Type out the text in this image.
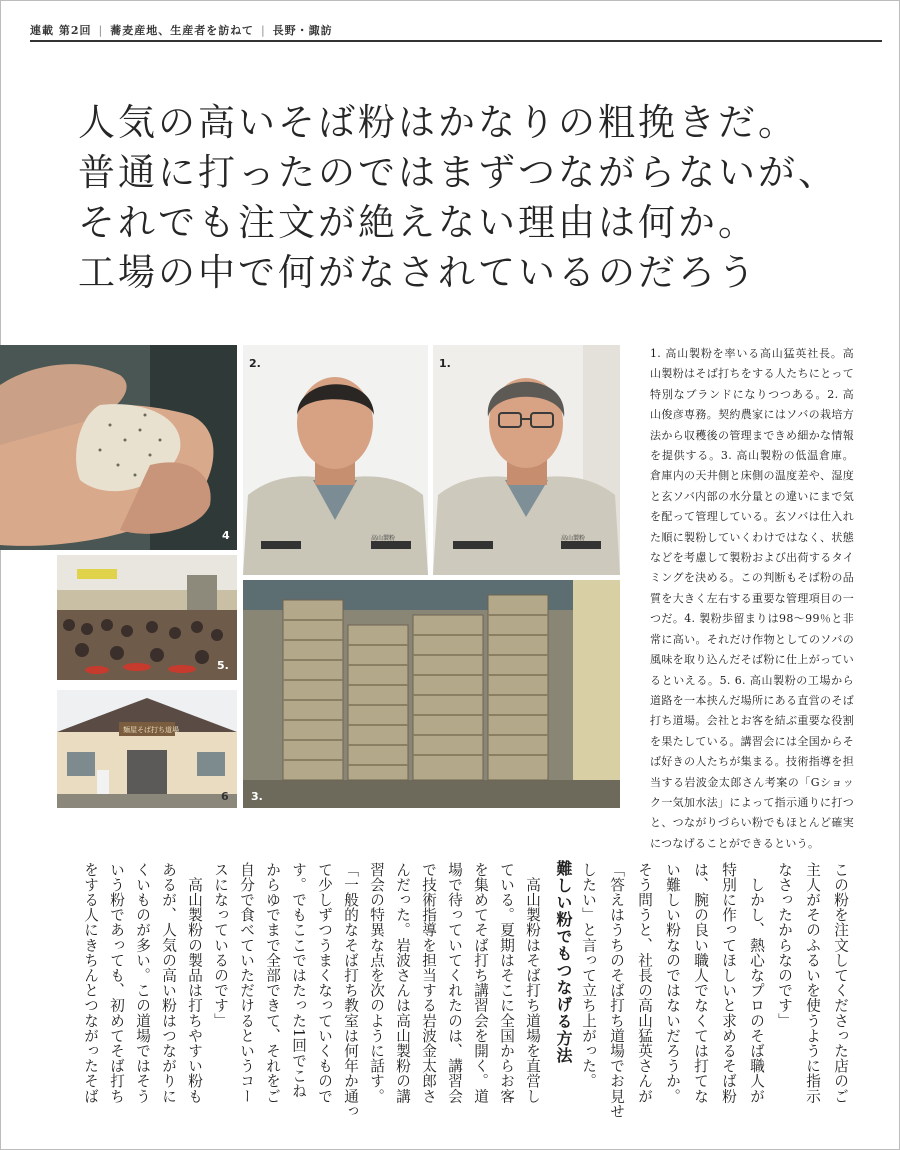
連載 第2回 | 蕎麦産地、生産者を訪ねて | 長野・諏訪
人気の高いそば粉はかなりの粗挽きだ。
普通に打ったのではまずつながらないが、
それでも注文が絶えない理由は何か。
工場の中で何がなされているのだろう
4
2.
高山製粉
1.
高山製粉
5.
麺屋そば打ち道場
6 3.
1. 高山製粉を率いる高山猛英社長。高山製粉はそば打ちをする人たちにとって特別なブランドになりつつある。2. 高山俊彦専務。契約農家にはソバの栽培方法から収穫後の管理まできめ細かな情報を提供する。3. 高山製粉の低温倉庫。倉庫内の天井側と床側の温度差や、湿度と玄ソバ内部の水分量との違いにまで気を配って管理している。玄ソバは仕入れた順に製粉していくわけではなく、状態などを考慮して製粉および出荷するタイミングを決める。この判断もそば粉の品質を大きく左右する重要な管理項目の一つだ。4. 製粉歩留まりは98〜99％と非常に高い。それだけ作物としてのソバの風味を取り込んだそば粉に仕上がっているといえる。5. 6. 高山製粉の工場から道路を一本挟んだ場所にある直営のそば打ち道場。会社とお客を結ぶ重要な役割を果たしている。講習会には全国からそば好きの人たちが集まる。技術指導を担当する岩波金太郎さん考案の「Gショック一気加水法」によって指示通りに打つと、つながりづらい粉でもほとんど確実につなげることができるという。
この粉を注文してくださった店のご
主人がそのふるいを使うように指示
なさったからなのです」
　しかし、熱心なプロのそば職人が
特別に作ってほしいと求めるそば粉
は、腕の良い職人でなくては打てな
い難しい粉なのではないだろうか。
そう問うと、社長の高山猛英さんが
「答えはうちのそば打ち道場でお見せ
したい」と言って立ち上がった。
難しい粉でもつなげる方法
　高山製粉はそば打ち道場を直営し
ている。夏期はそこに全国からお客
を集めてそば打ち講習会を開く。道
場で待っていてくれたのは、講習会
で技術指導を担当する岩波金太郎さ
んだった。岩波さんは高山製粉の講
習会の特異な点を次のように話す。
「一般的なそば打ち教室は何年か通っ
て少しずつうまくなっていくもので
す。でもここではたった1回でこね
からゆでまで全部できて、それをご
自分で食べていただけるというコー
スになっているのです」
　高山製粉の製品は打ちやすい粉も
あるが、人気の高い粉はつながりに
くいものが多い。この道場ではそう
いう粉であっても、初めてそば打ち
をする人にきちんとつながったそば
